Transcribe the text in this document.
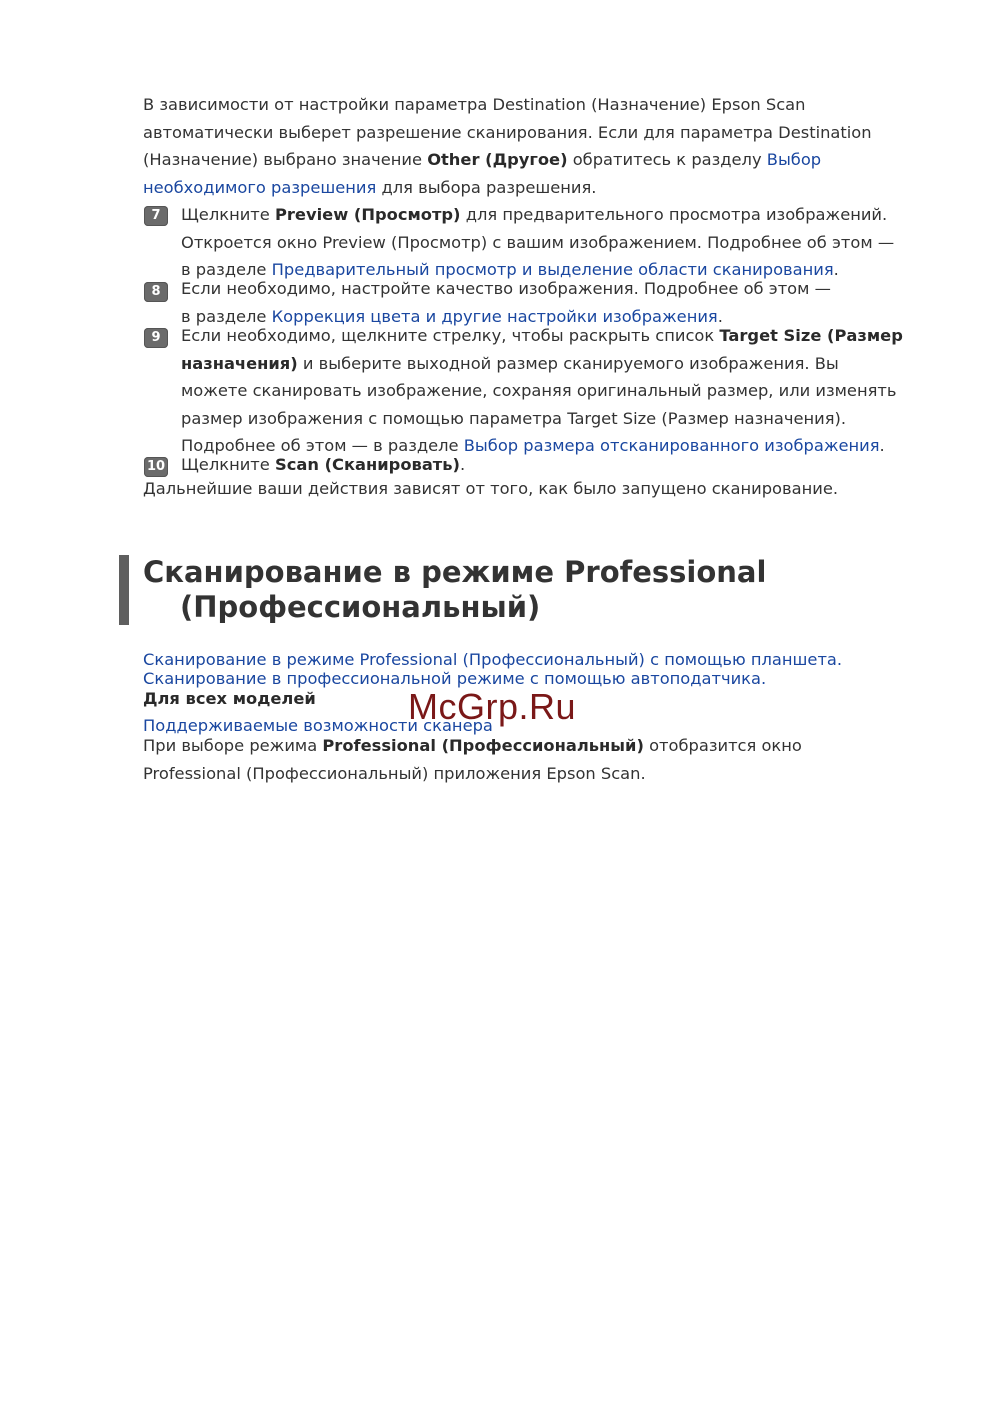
В зависимости от настройки параметра Destination (Назначение) Epson Scan

автоматически выберет разрешение сканирования. Если для параметра Destination

(Назначение) выбрано значение Other (Другое) обратитесь к разделу Выбор

необходимого разрешения для выбора разрешения.

7	Щелкните Preview (Просмотр) для предварительного просмотра изображений.

Откроется окно Preview (Просмотр) с вашим изображением. Подробнее об этом —

в разделе Предварительный просмотр и выделение области сканирования.

8	Если необходимо, настройте качество изображения. Подробнее об этом —

в разделе Коррекция цвета и другие настройки изображения.

9	Если необходимо, щелкните стрелку, чтобы раскрыть список Target Size (Размер

назначения) и выберите выходной размер сканируемого изображения. Вы

можете сканировать изображение, сохраняя оригинальный размер, или изменять

размер изображения с помощью параметра Target Size (Размер назначения).

Подробнее об этом — в разделе Выбор размера отсканированного изображения.

10 Щелкните Scan (Сканировать).

Дальнейшие ваши действия зависят от того, как было запущено сканирование.

Сканирование в режиме Professional
(Профессиональный)
Сканирование в режиме Professional (Профессиональный) с помощью планшета.
Сканирование в профессиональной режиме с помощью автоподатчика.
Для всех моделей
Поддерживаемые возможности сканера

При выборе режима Professional (Профессиональный) отобразится окно

Professional (Профессиональный) приложения Epson Scan.

McGrp.Ru
